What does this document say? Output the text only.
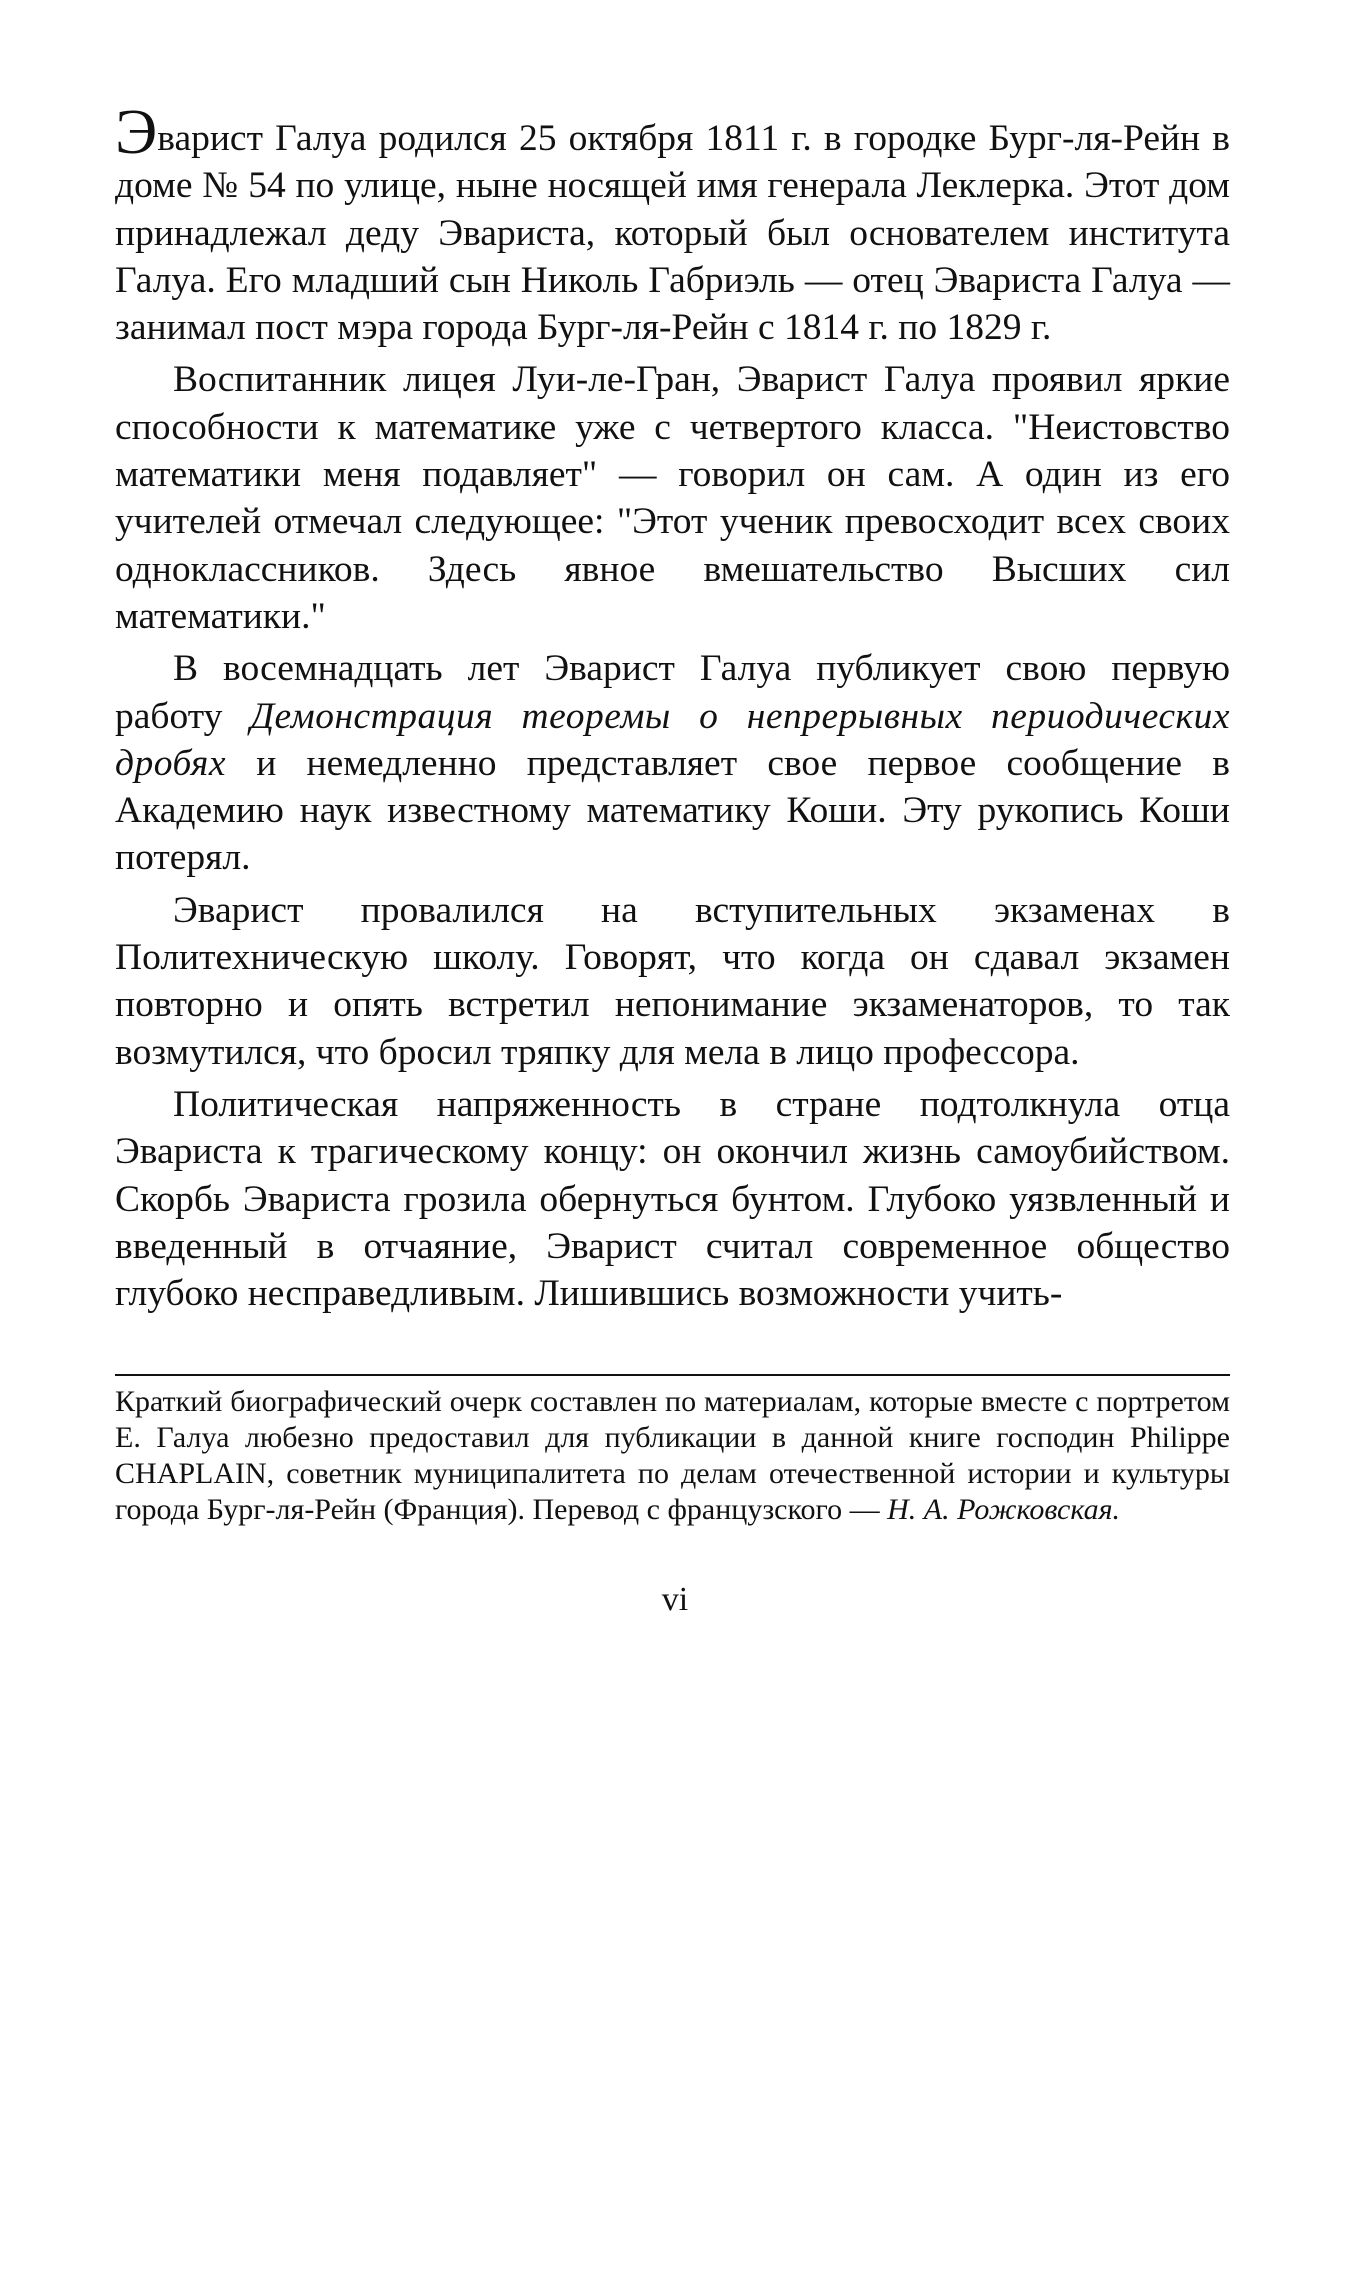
Эварист Галуа родился 25 октября 1811 г. в городке Бург-ля-Рейн в доме № 54 по улице, ныне носящей имя генерала Леклерка. Этот дом принадлежал деду Эвариста, который был основателем института Галуа. Его младший сын Николь Габриэль — отец Эвариста Галуа — занимал пост мэра города Бург-ля-Рейн с 1814 г. по 1829 г.

Воспитанник лицея Луи-ле-Гран, Эварист Галуа проявил яркие способности к математике уже с четвертого класса. "Неистовство математики меня подавляет" — говорил он сам. А один из его учителей отмечал следующее: "Этот ученик превосходит всех своих одноклассников. Здесь явное вмешательство Высших сил математики."

В восемнадцать лет Эварист Галуа публикует свою первую работу Демонстрация теоремы о непрерывных периодических дробях и немедленно представляет свое первое сообщение в Академию наук известному математику Коши. Эту рукопись Коши потерял.

Эварист провалился на вступительных экзаменах в Политехническую школу. Говорят, что когда он сдавал экзамен повторно и опять встретил непонимание экзаменаторов, то так возмутился, что бросил тряпку для мела в лицо профессора.

Политическая напряженность в стране подтолкнула отца Эвариста к трагическому концу: он окончил жизнь самоубийством. Скорбь Эвариста грозила обернуться бунтом. Глубоко уязвленный и введенный в отчаяние, Эварист считал современное общество глубоко несправедливым. Лишившись возможности учить-

Краткий биографический очерк составлен по материалам, которые вместе с портретом Е. Галуа любезно предоставил для публикации в данной книге господин Philippe CHAPLAIN, советник муниципалитета по делам отечественной истории и культуры города Бург-ля-Рейн (Франция). Перевод с французского — Н. А. Рожковская.

vi
